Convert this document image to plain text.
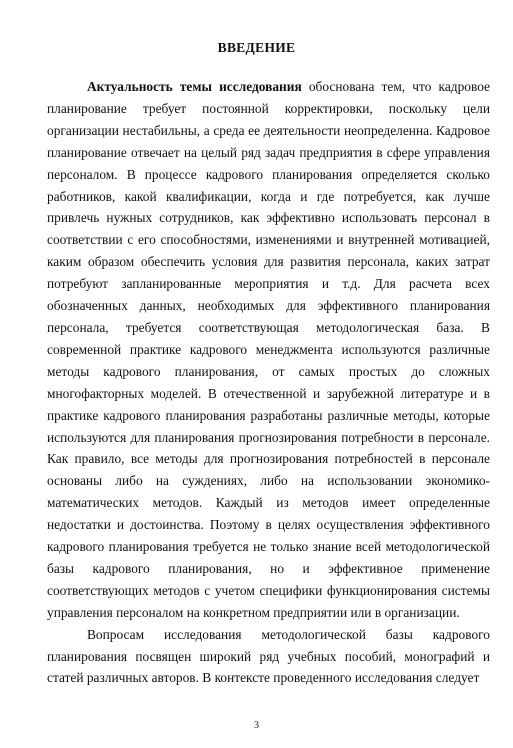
ВВЕДЕНИЕ

Актуальность темы исследования обоснована тем, что кадровое планирование требует постоянной корректировки, поскольку цели организации нестабильны, а среда ее деятельности неопределенна. Кадровое планирование отвечает на целый ряд задач предприятия в сфере управления персоналом. В процессе кадрового планирования определяется сколько работников, какой квалификации, когда и где потребуется, как лучше привлечь нужных сотрудников, как эффективно использовать персонал в соответствии с его способностями, изменениями и внутренней мотивацией, каким образом обеспечить условия для развития персонала, каких затрат потребуют запланированные мероприятия и т.д. Для расчета всех обозначенных данных, необходимых для эффективного планирования персонала, требуется соответствующая методологическая база. В современной практике кадрового менеджмента используются различные методы кадрового планирования, от самых простых до сложных многофакторных моделей. В отечественной и зарубежной литературе и в практике кадрового планирования разработаны различные методы, которые используются для планирования прогнозирования потребности в персонале. Как правило, все методы для прогнозирования потребностей в персонале основаны либо на суждениях, либо на использовании экономико-математических методов. Каждый из методов имеет определенные недостатки и достоинства. Поэтому в целях осуществления эффективного кадрового планирования требуется не только знание всей методологической базы кадрового планирования, но и эффективное применение соответствующих методов с учетом специфики функционирования системы управления персоналом на конкретном предприятии или в организации.

Вопросам исследования методологической базы кадрового планирования посвящен широкий ряд учебных пособий, монографий и статей различных авторов. В контексте проведенного исследования следует

3
